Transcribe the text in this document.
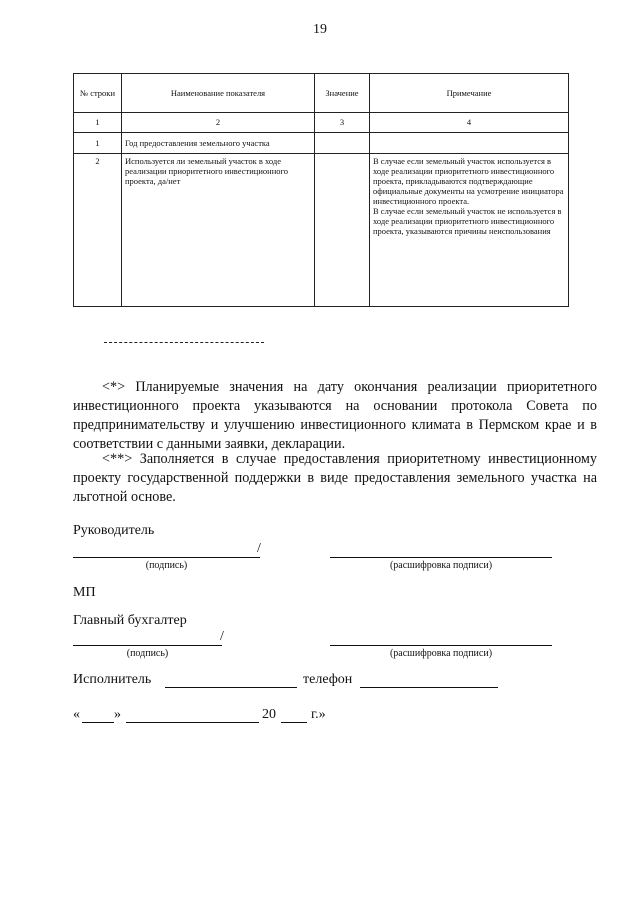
19
№ строки	Наименование показателя	Значение	Примечание
1	2	3	4
1	Год предоставления земельного участка		
2	Используется ли земельный участок в ходе реализации приоритетного инвестиционного проекта, да/нет		В случае если земельный участок используется в ходе реализации приоритетного инвестиционного проекта, прикладываются подтверждающие официальные документы на усмотрение инициатора инвестиционного проекта.
В случае если земельный участок не используется в ходе реализации приоритетного инвестиционного проекта, указываются причины неиспользования

<*> Планируемые значения на дату окончания реализации приоритетного инвестиционного проекта указываются на основании протокола Совета по предпринимательству и улучшению инвестиционного климата в Пермском крае и в соответствии с данными заявки, декларации.

<**> Заполняется в случае предоставления приоритетному инвестиционному проекту государственной поддержки в виде предоставления земельного участка на льготной основе.

Руководитель
/
(подпись)	(расшифровка подписи)
МП
Главный бухгалтер
/
(подпись)	(расшифровка подписи)
Исполнитель	телефон
« »	20	г.»
